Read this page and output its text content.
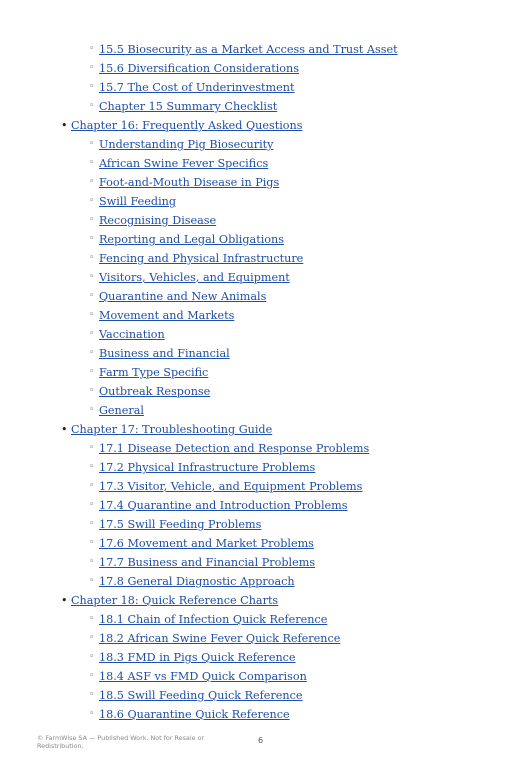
◦ 15.5 Biosecurity as a Market Access and Trust Asset
◦ 15.6 Diversification Considerations
◦ 15.7 The Cost of Underinvestment
◦ Chapter 15 Summary Checklist
• Chapter 16: Frequently Asked Questions
◦ Understanding Pig Biosecurity
◦ African Swine Fever Specifics
◦ Foot-and-Mouth Disease in Pigs
◦ Swill Feeding
◦ Recognising Disease
◦ Reporting and Legal Obligations
◦ Fencing and Physical Infrastructure
◦ Visitors, Vehicles, and Equipment
◦ Quarantine and New Animals
◦ Movement and Markets
◦ Vaccination
◦ Business and Financial
◦ Farm Type Specific
◦ Outbreak Response
◦ General
• Chapter 17: Troubleshooting Guide
◦ 17.1 Disease Detection and Response Problems
◦ 17.2 Physical Infrastructure Problems
◦ 17.3 Visitor, Vehicle, and Equipment Problems
◦ 17.4 Quarantine and Introduction Problems
◦ 17.5 Swill Feeding Problems
◦ 17.6 Movement and Market Problems
◦ 17.7 Business and Financial Problems
◦ 17.8 General Diagnostic Approach
• Chapter 18: Quick Reference Charts
◦ 18.1 Chain of Infection Quick Reference
◦ 18.2 African Swine Fever Quick Reference
◦ 18.3 FMD in Pigs Quick Reference
◦ 18.4 ASF vs FMD Quick Comparison
◦ 18.5 Swill Feeding Quick Reference
◦ 18.6 Quarantine Quick Reference
© FarmWise SA — Published Work. Not for Resale or Redistribution.
6
